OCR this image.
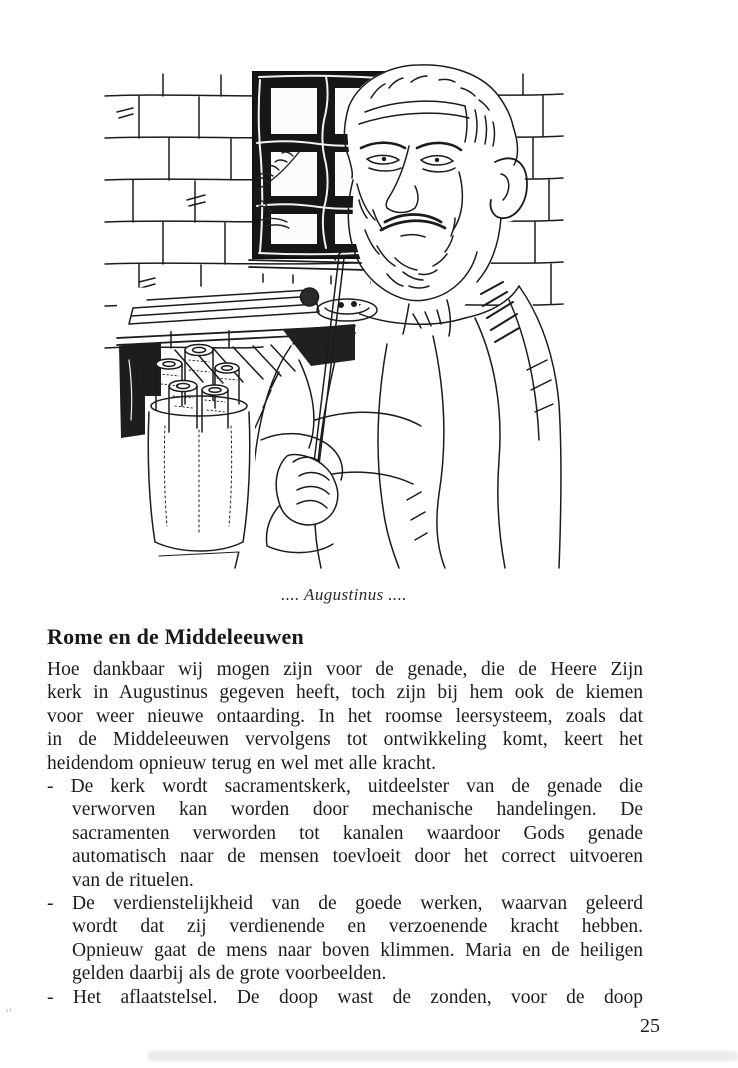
.... Augustinus ....
Rome en de Middeleeuwen
Hoe dankbaar wij mogen zijn voor de genade, die de Heere Zijn
kerk in Augustinus gegeven heeft, toch zijn bij hem ook de kiemen
voor weer nieuwe ontaarding. In het roomse leersysteem, zoals dat
in de Middeleeuwen vervolgens tot ontwikkeling komt, keert het
heidendom opnieuw terug en wel met alle kracht.
- De kerk wordt sacramentskerk, uitdeelster van de genade die
verworven kan worden door mechanische handelingen. De
sacramenten verworden tot kanalen waardoor Gods genade
automatisch naar de mensen toevloeit door het correct uitvoeren
van de rituelen.
- De verdienstelijkheid van de goede werken, waarvan geleerd
wordt dat zij verdienende en verzoenende kracht hebben.
Opnieuw gaat de mens naar boven klimmen. Maria en de heiligen
gelden daarbij als de grote voorbeelden.
- Het aflaatstelsel. De doop wast de zonden, voor de doop
25
''
